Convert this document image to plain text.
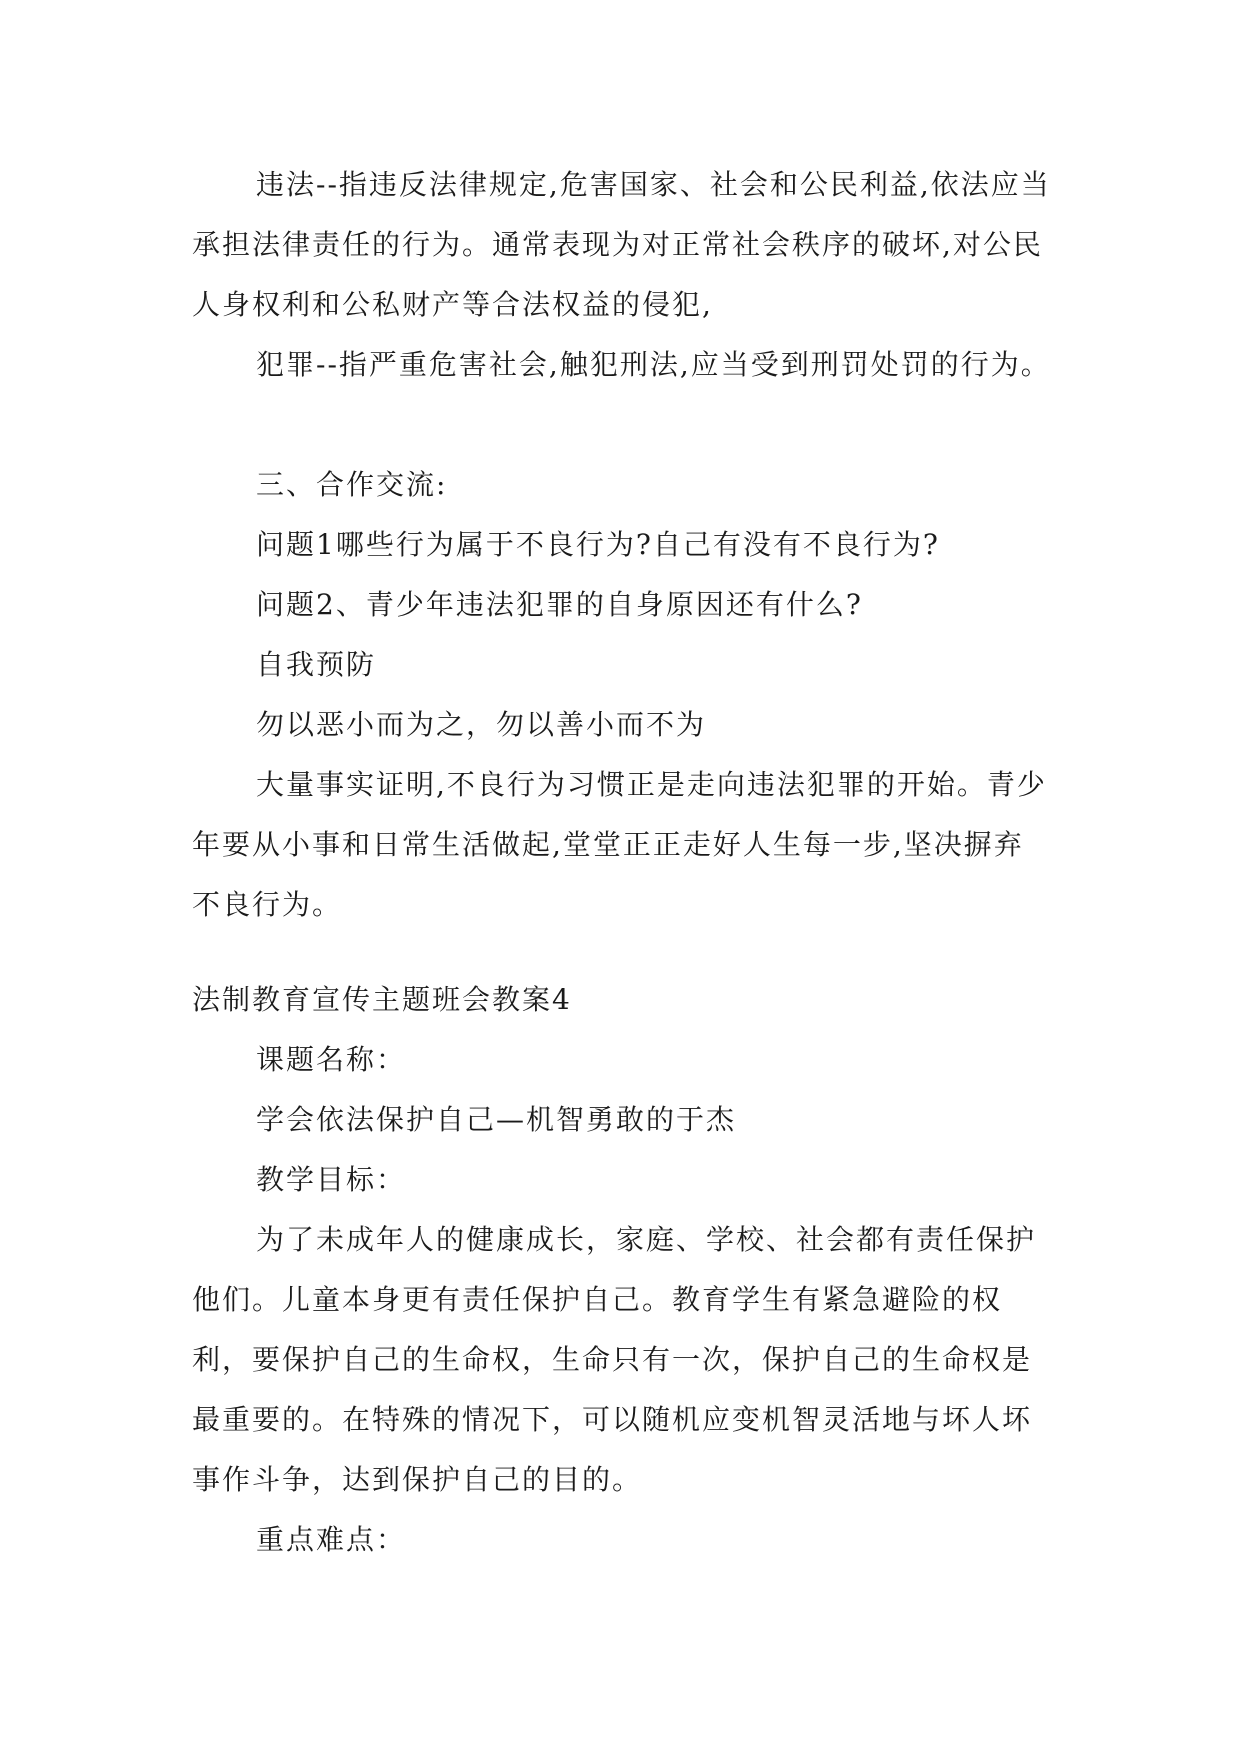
违法--指违反法律规定,危害国家、社会和公民利益,依法应当承担法律责任的行为。通常表现为对正常社会秩序的破坏,对公民人身权利和公私财产等合法权益的侵犯,

犯罪--指严重危害社会,触犯刑法,应当受到刑罚处罚的行为。

三、合作交流:

问题1哪些行为属于不良行为?自己有没有不良行为?

问题2、青少年违法犯罪的自身原因还有什么?

自我预防

勿以恶小而为之，勿以善小而不为

大量事实证明,不良行为习惯正是走向违法犯罪的开始。青少年要从小事和日常生活做起,堂堂正正走好人生每一步,坚决摒弃不良行为。

法制教育宣传主题班会教案4

课题名称：

学会依法保护自己—机智勇敢的于杰

教学目标：

为了未成年人的健康成长，家庭、学校、社会都有责任保护他们。儿童本身更有责任保护自己。教育学生有紧急避险的权利，要保护自己的生命权，生命只有一次，保护自己的生命权是最重要的。在特殊的情况下，可以随机应变机智灵活地与坏人坏事作斗争，达到保护自己的目的。

重点难点：
